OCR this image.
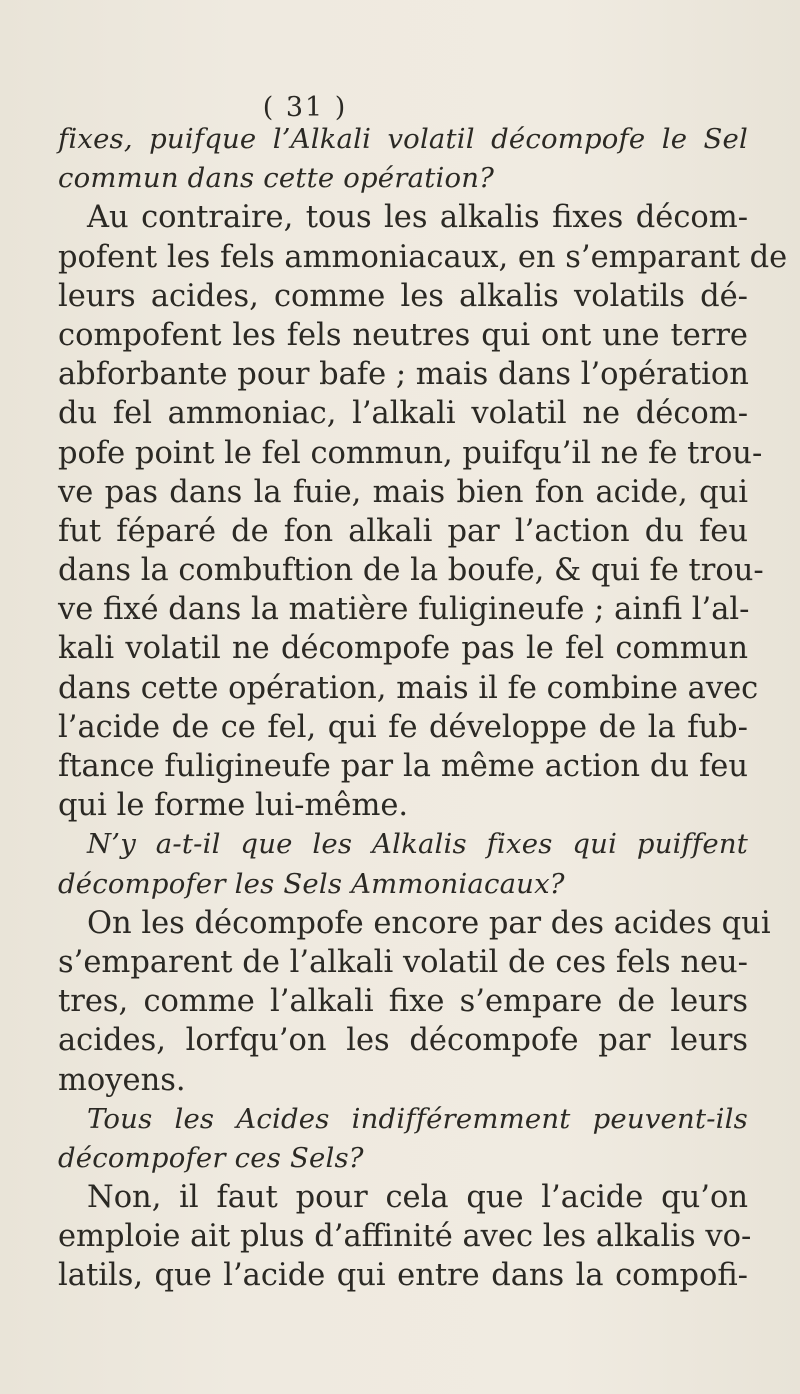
( 31 )
fixes, puifque l’Alkali volatil décompofe le Sel
commun dans cette opération?
Au contraire, tous les alkalis fixes décom-
pofent les fels ammoniacaux, en s’emparant de
leurs acides, comme les alkalis volatils dé-
compofent les fels neutres qui ont une terre
abforbante pour bafe ; mais dans l’opération
du fel ammoniac, l’alkali volatil ne décom-
pofe point le fel commun, puifqu’il ne fe trou-
ve pas dans la fuie, mais bien fon acide, qui
fut féparé de fon alkali par l’action du feu
dans la combuftion de la boufe, & qui fe trou-
ve fixé dans la matière fuligineufe ; ainfi l’al-
kali volatil ne décompofe pas le fel commun
dans cette opération, mais il fe combine avec
l’acide de ce fel, qui fe développe de la fub-
ftance fuligineufe par la même action du feu
qui le forme lui-même.
N’y a-t-il que les Alkalis fixes qui puiffent
décompofer les Sels Ammoniacaux?
On les décompofe encore par des acides qui
s’emparent de l’alkali volatil de ces fels neu-
tres, comme l’alkali fixe s’empare de leurs
acides, lorfqu’on les décompofe par leurs
moyens.
Tous les Acides indifféremment peuvent-ils
décompofer ces Sels?
Non, il faut pour cela que l’acide qu’on
emploie ait plus d’affinité avec les alkalis vo-
latils, que l’acide qui entre dans la compofi-
